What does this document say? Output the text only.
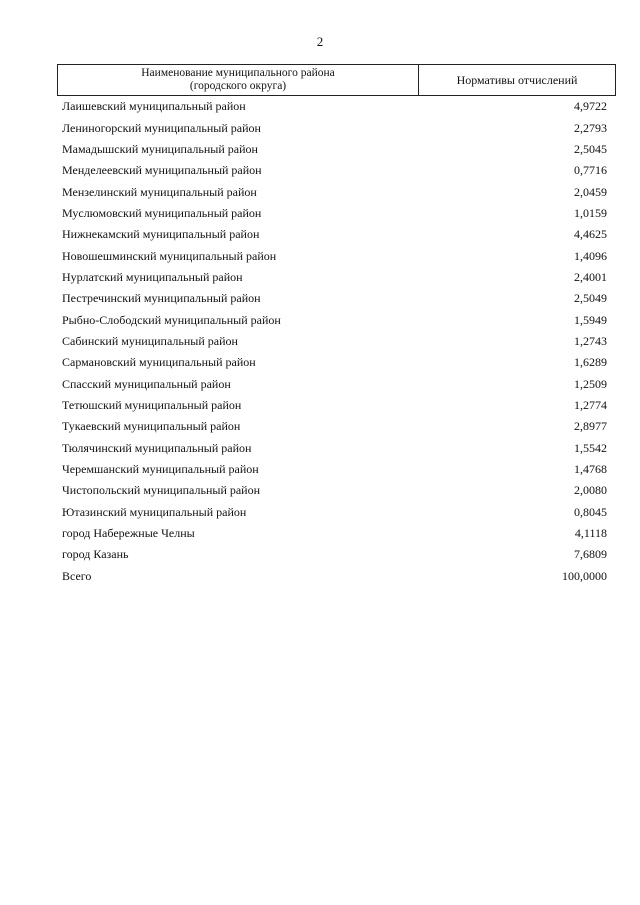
2
Наименование муниципального района
(городского округа)	Нормативы отчислений
Лаишевский муниципальный район	4,9722
Лениногорский муниципальный район	2,2793
Мамадышский муниципальный район	2,5045
Менделеевский муниципальный район	0,7716
Мензелинский муниципальный район	2,0459
Муслюмовский муниципальный район	1,0159
Нижнекамский муниципальный район	4,4625
Новошешминский муниципальный район	1,4096
Нурлатский муниципальный район	2,4001
Пестречинский муниципальный район	2,5049
Рыбно-Слободский муниципальный район	1,5949
Сабинский муниципальный район	1,2743
Сармановский муниципальный район	1,6289
Спасский муниципальный район	1,2509
Тетюшский муниципальный район	1,2774
Тукаевский муниципальный район	2,8977
Тюлячинский муниципальный район	1,5542
Черемшанский муниципальный район	1,4768
Чистопольский муниципальный район	2,0080
Ютазинский муниципальный район	0,8045
город Набережные Челны	4,1118
город Казань	7,6809
Всего	100,0000
